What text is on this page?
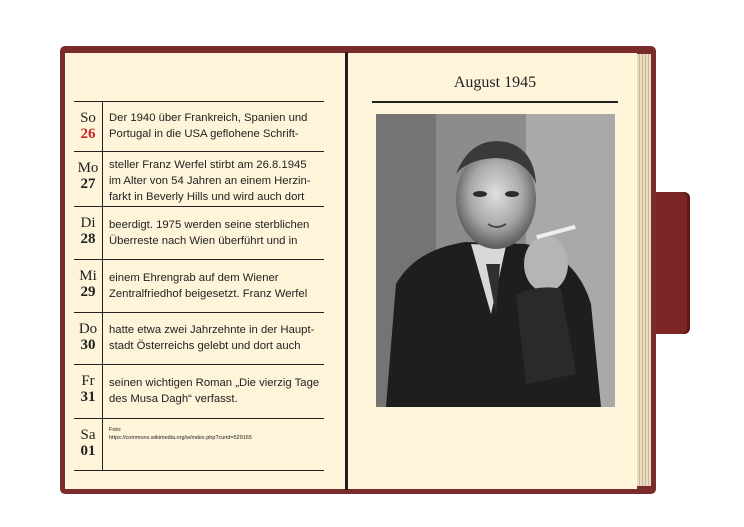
So
26
Der 1940 über Frankreich, Spanien und
Portugal in die USA geflohene Schrift-
Mo
27
steller Franz Werfel stirbt am 26.8.1945
im Alter von 54 Jahren an einem Herzin-
farkt in Beverly Hills und wird auch dort
Di
28
beerdigt. 1975 werden seine sterblichen
Überreste nach Wien überführt und in
Mi
29
einem Ehrengrab auf dem Wiener
Zentralfriedhof beigesetzt. Franz Werfel
Do
30
hatte etwa zwei Jahrzehnte in der Haupt-
stadt Österreichs gelebt und dort auch
Fr
31
seinen wichtigen Roman „Die vierzig Tage
des Musa Dagh“ verfasst.
Sa
01
Foto:
https://commons.wikimedia.org/w/index.php?curid=529165
August 1945
